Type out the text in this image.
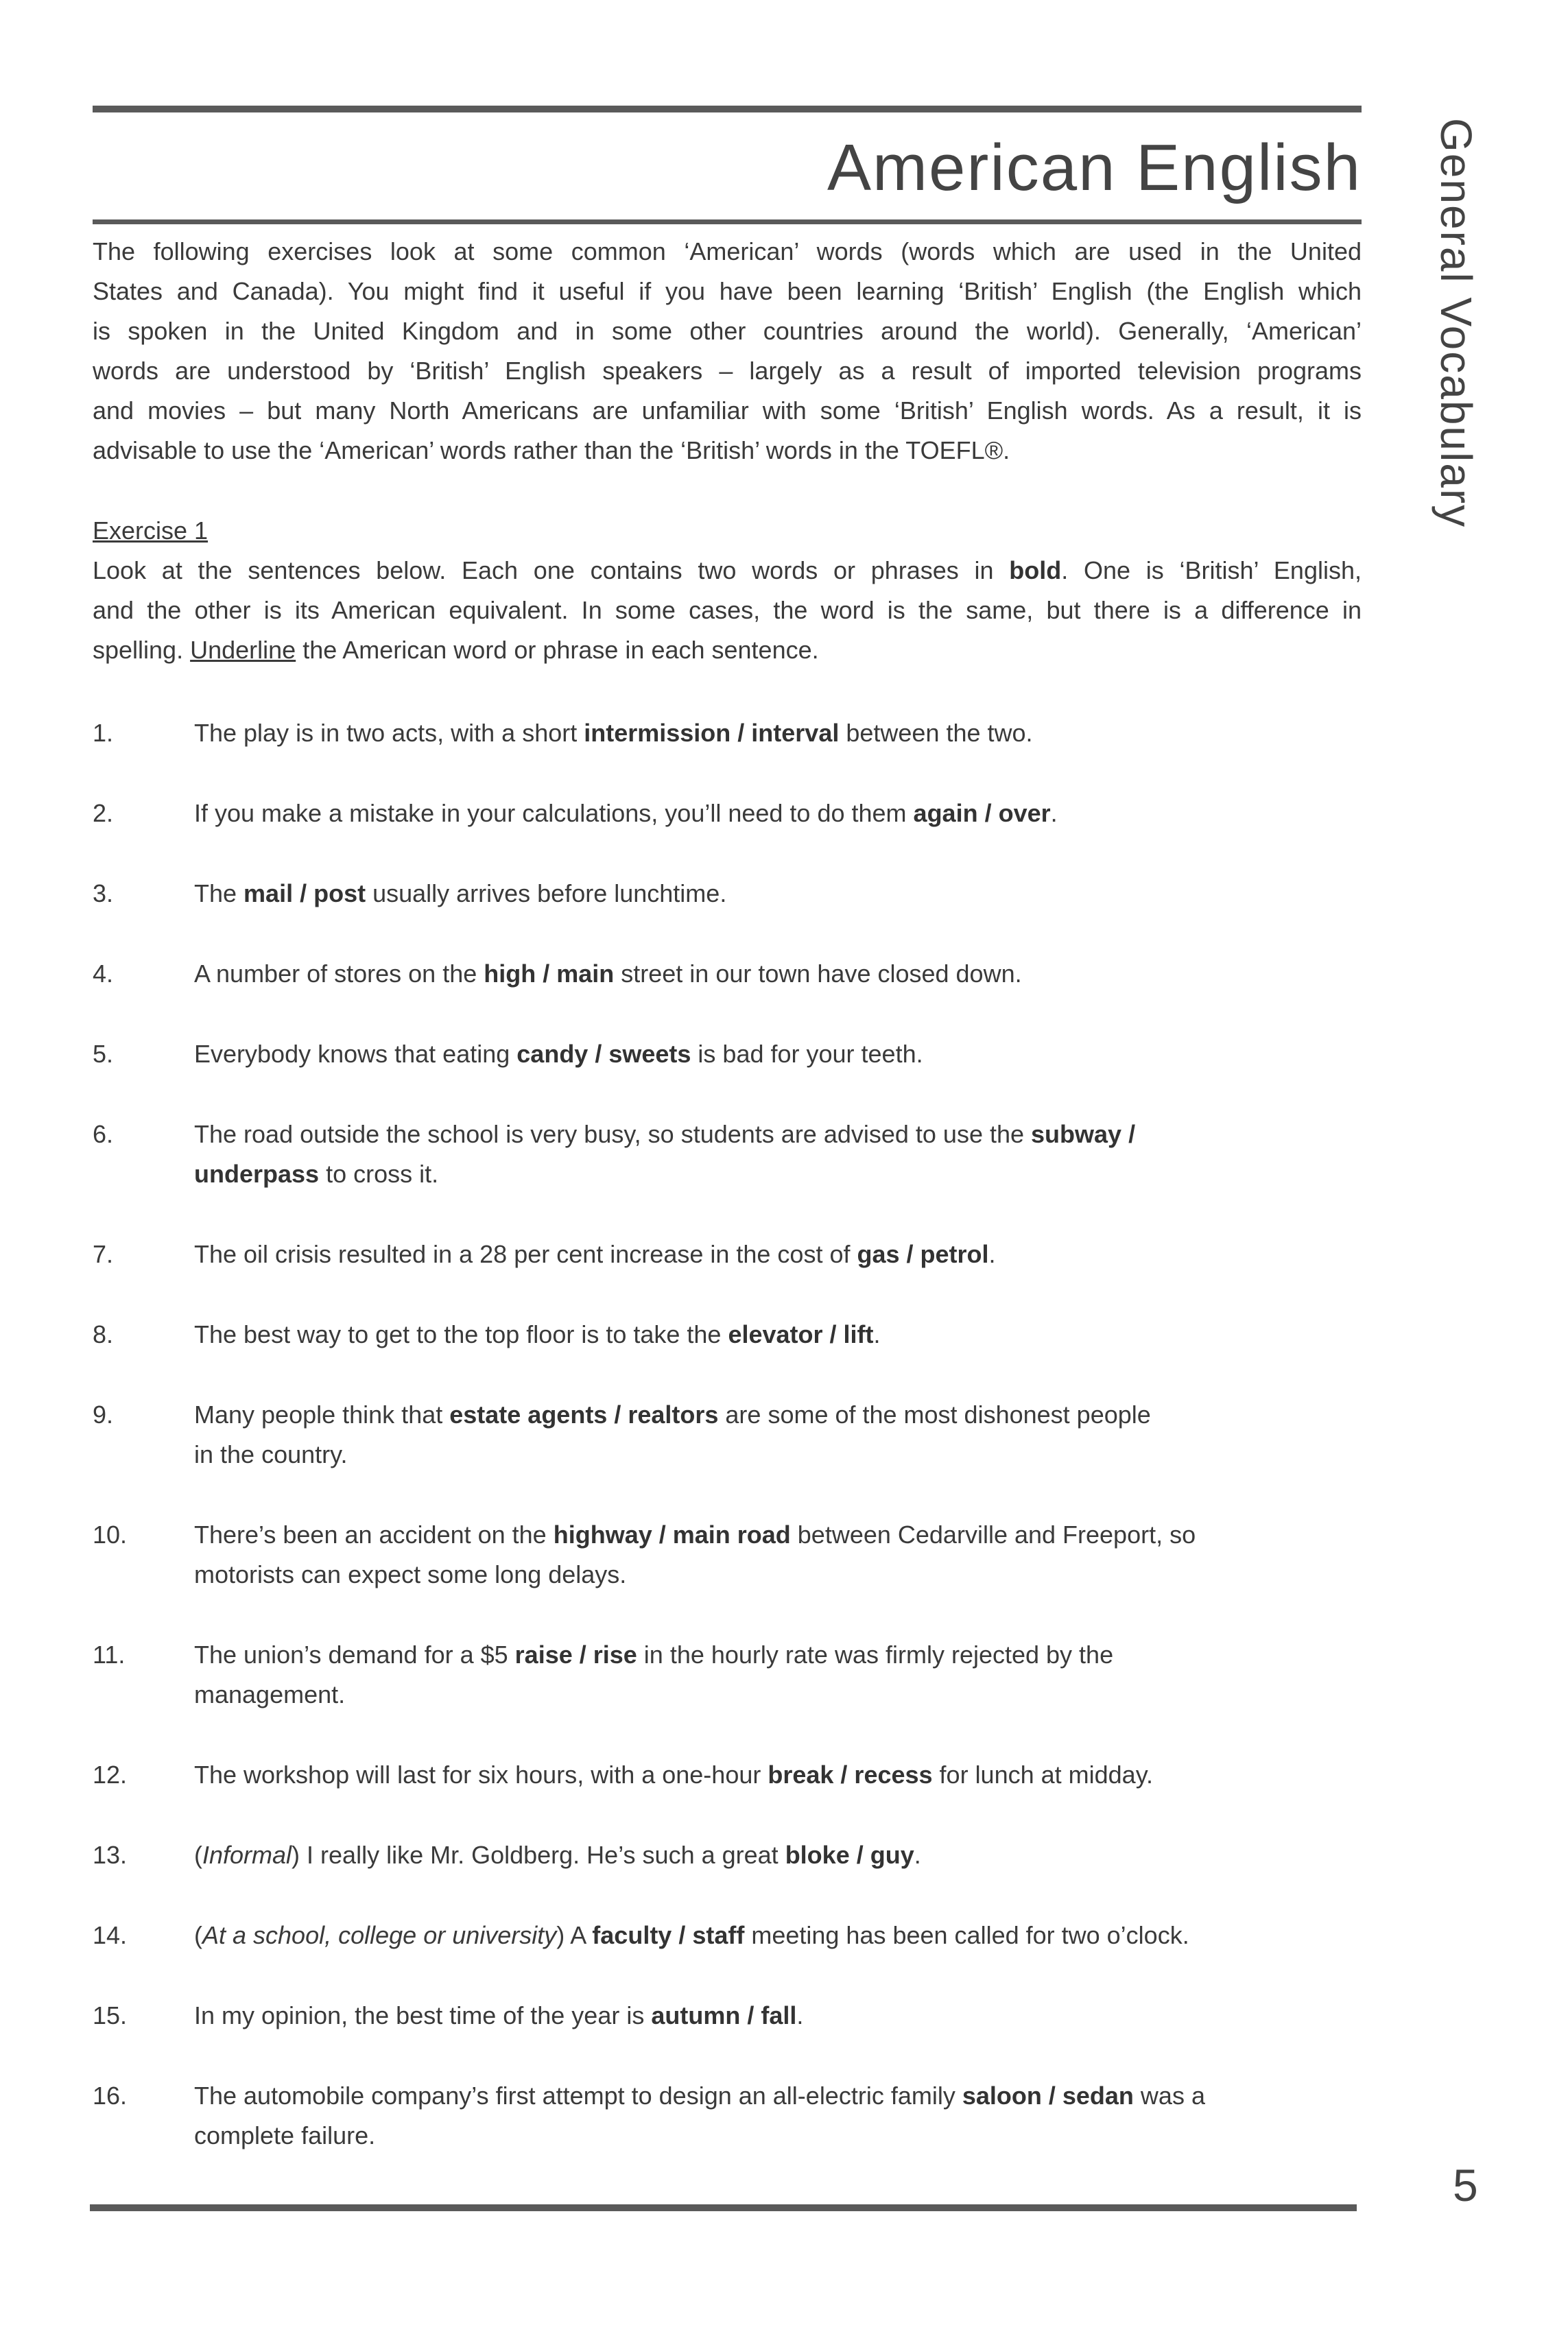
American English General Vocabulary
The following exercises look at some common ‘American’ words (words which are used in the United
States and Canada). You might find it useful if you have been learning ‘British’ English (the English which
is spoken in the United Kingdom and in some other countries around the world). Generally, ‘American’
words are understood by ‘British’ English speakers – largely as a result of imported television programs
and movies – but many North Americans are unfamiliar with some ‘British’ English words. As a result, it is
advisable to use the ‘American’ words rather than the ‘British’ words in the TOEFL®.
Exercise 1
Look at the sentences below. Each one contains two words or phrases in bold. One is ‘British’ English,
and the other is its American equivalent. In some cases, the word is the same, but there is a difference in
spelling. Underline the American word or phrase in each sentence.
1.	The play is in two acts, with a short intermission / interval between the two.
2.	If you make a mistake in your calculations, you’ll need to do them again / over.
3.	The mail / post usually arrives before lunchtime.
4.	A number of stores on the high / main street in our town have closed down.
5.	Everybody knows that eating candy / sweets is bad for your teeth.
6.	The road outside the school is very busy, so students are advised to use the subway /
underpass to cross it.
7.	The oil crisis resulted in a 28 per cent increase in the cost of gas / petrol.
8.	The best way to get to the top floor is to take the elevator / lift.
9.	Many people think that estate agents / realtors are some of the most dishonest people
in the country.
10.	There’s been an accident on the highway / main road between Cedarville and Freeport, so
motorists can expect some long delays.
11.	The union’s demand for a $5 raise / rise in the hourly rate was firmly rejected by the
management.
12.	The workshop will last for six hours, with a one-hour break / recess for lunch at midday.
13.	(Informal) I really like Mr. Goldberg. He’s such a great bloke / guy.
14.	(At a school, college or university) A faculty / staff meeting has been called for two o’clock.
15.	In my opinion, the best time of the year is autumn / fall.
16.	The automobile company’s first attempt to design an all-electric family saloon / sedan was a
complete failure.
5
